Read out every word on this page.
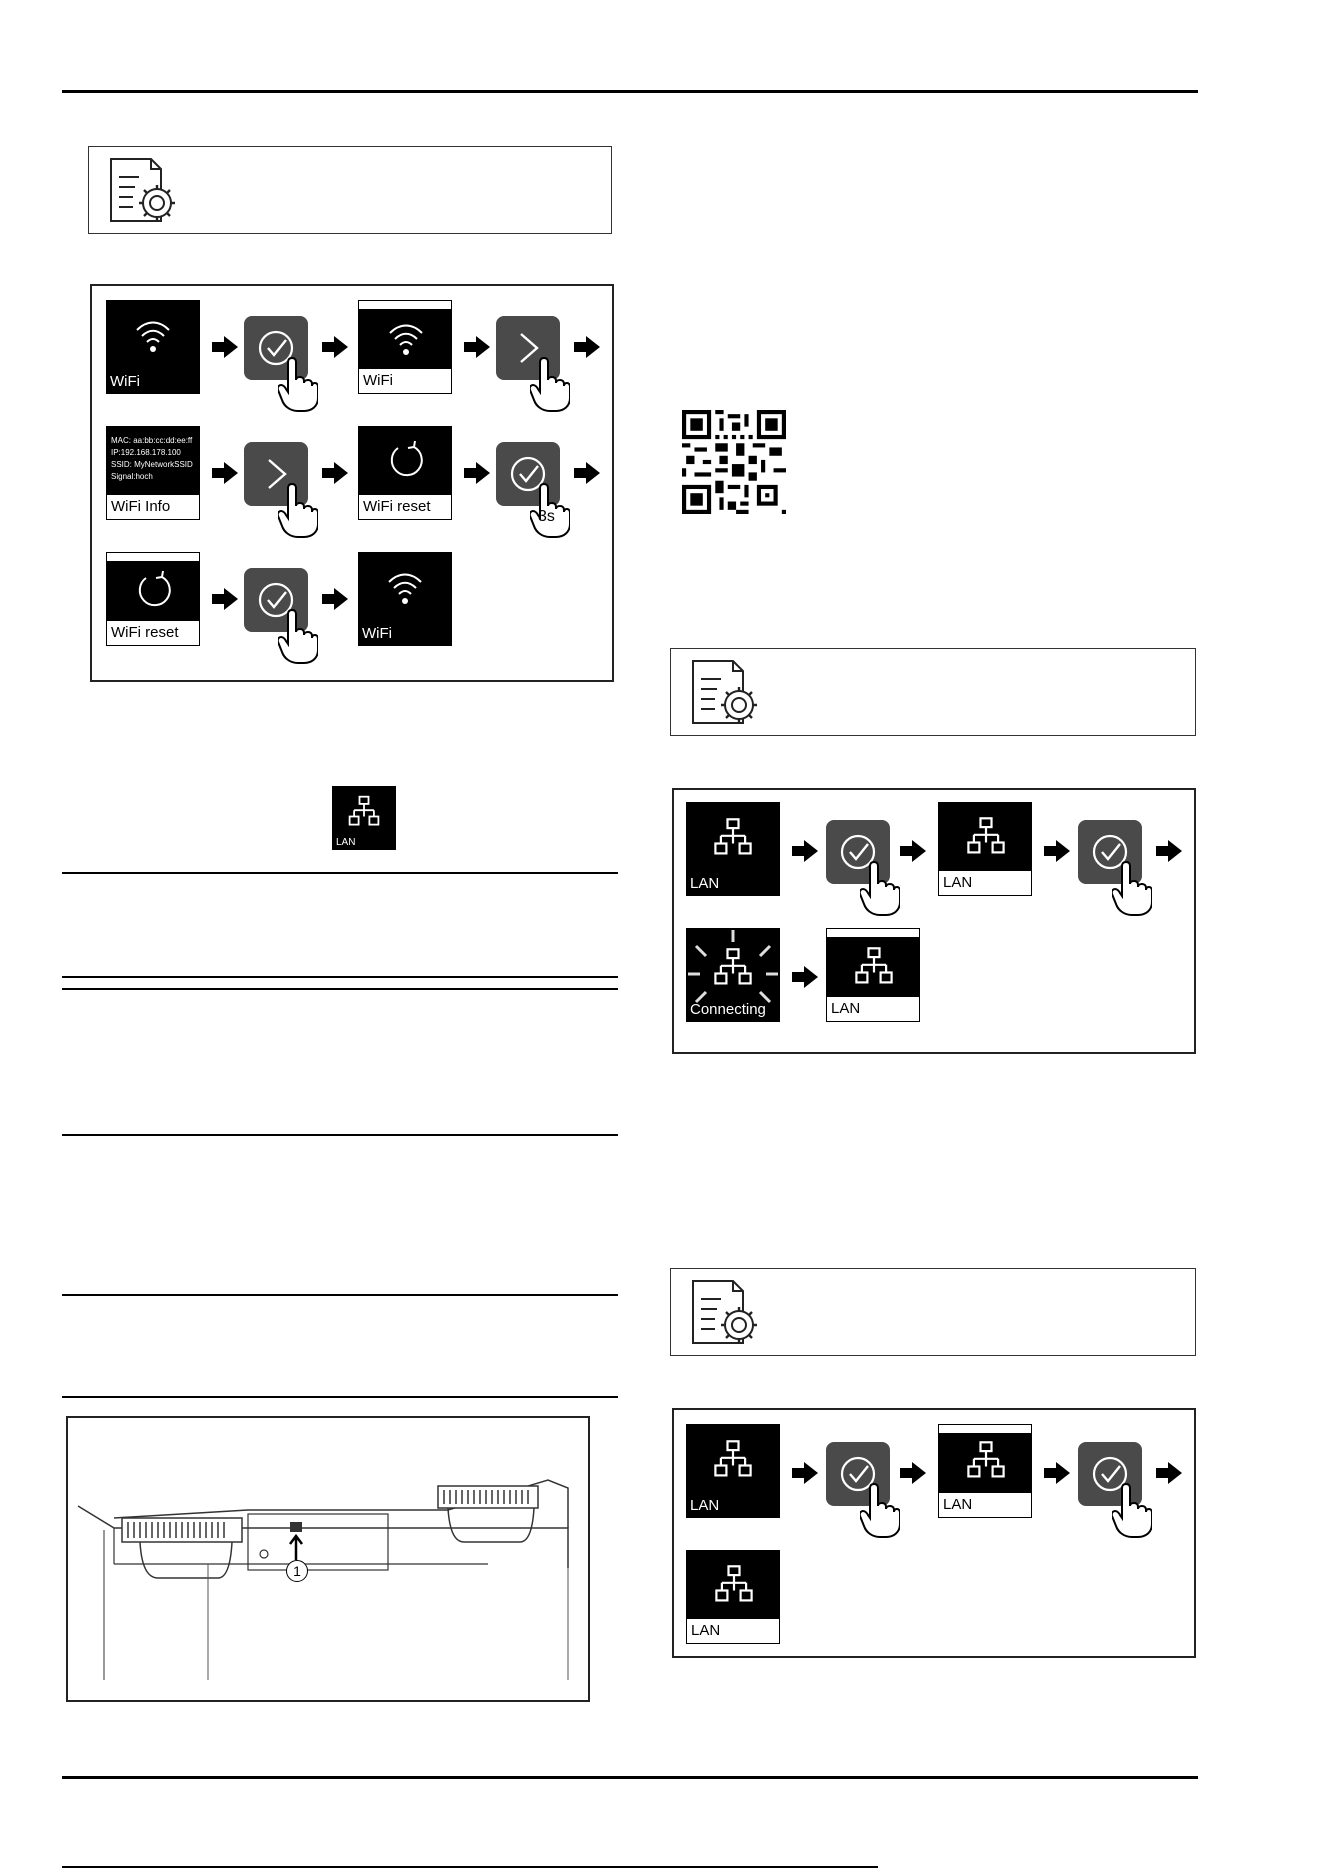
WiFi	WiFi
MAC: aa:bb:cc:dd:ee:ff
IP:192.168.178.100
SSID: MyNetworkSSID
Signal:hoch
WiFi Info	WiFi reset
3s
WiFi reset	WiFi
LAN
1
LAN	LAN
Connecting	LAN
LAN	LAN
LAN
